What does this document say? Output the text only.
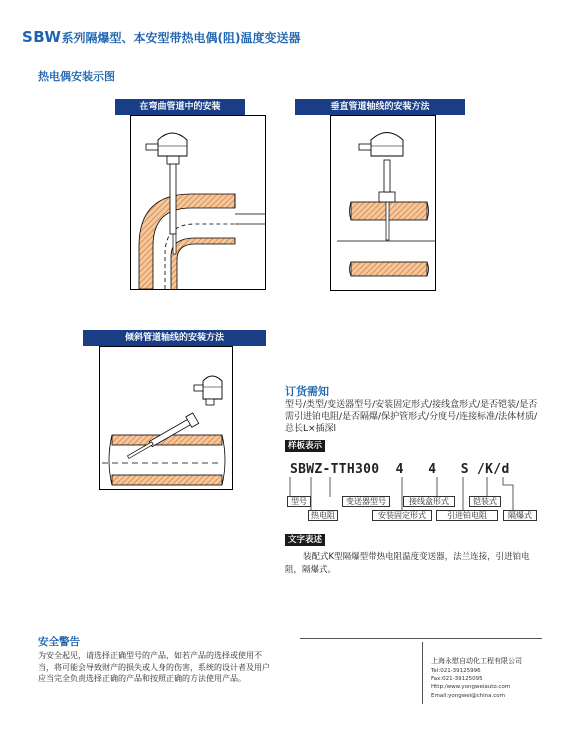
SBW系列隔爆型、本安型带热电偶(阻)温度变送器
热电偶安装示图
在弯曲管道中的安装	垂直管道轴线的安装方法
倾斜管道轴线的安装方法
订货需知
型号/类型/变送器型号/安装固定形式/接线盒形式/是否铠装/是否需引进铂电阻/是否隔爆/保护管形式/分度号/连接标准/法体材质/总长L×插深l
样板表示
SBWZ-TTH300 4 4 S /K/d
型号
热电阻
变送器型号
安装固定形式
接线盒形式
引进铂电阻
铠装式
隔爆式
文字表述
装配式K型隔爆型带热电阻温度变送器，法兰连接，引进铂电阻，隔爆式。
安全警告
为安全起见，请选择正确型号的产品，如若产品的选择或使用不当，将可能会导致财产的损失或人身的伤害，系统的设计者及用户应当完全负责选择正确的产品和按照正确的方法使用产品。
上海永慰自动化工程有限公司
Tel:021-39125996
Fax:021-39125095
Http:/www.yongweiauto.com
Email:yongwei@china.com
